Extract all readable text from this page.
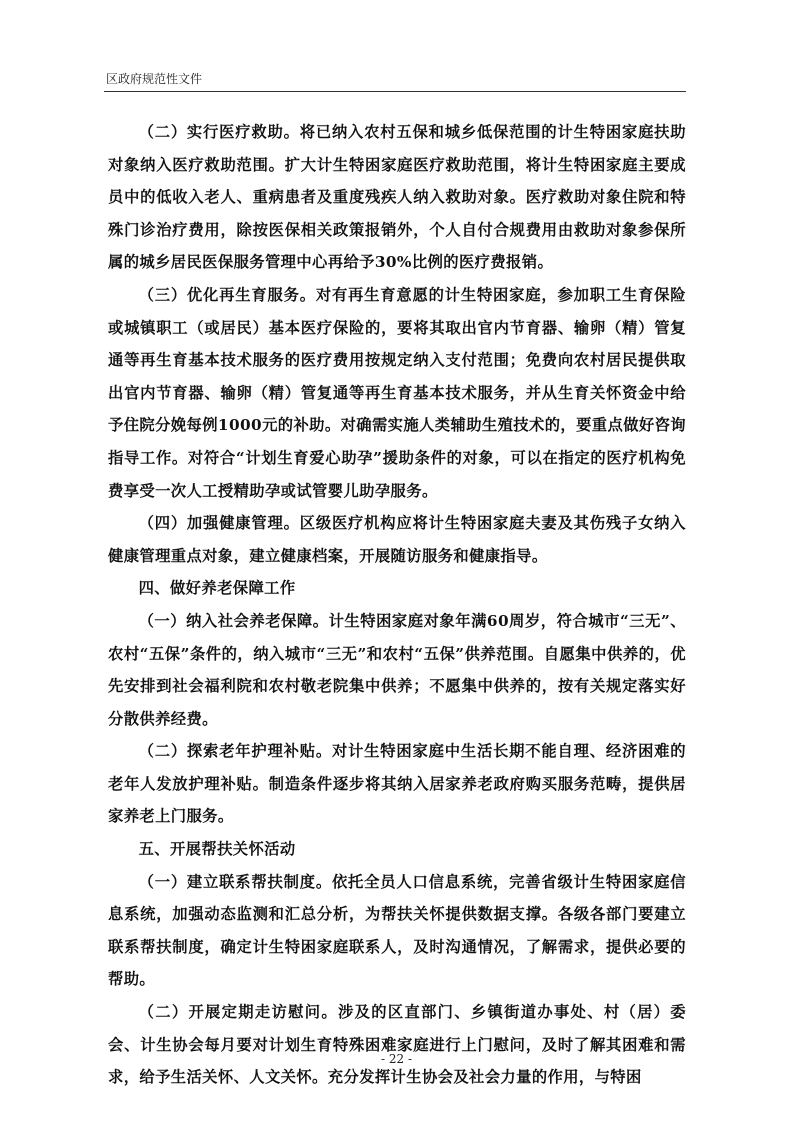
区政府规范性文件

（二）实行医疗救助。将已纳入农村五保和城乡低保范围的计生特困家庭扶助对象纳入医疗救助范围。扩大计生特困家庭医疗救助范围，将计生特困家庭主要成员中的低收入老人、重病患者及重度残疾人纳入救助对象。医疗救助对象住院和特殊门诊治疗费用，除按医保相关政策报销外，个人自付合规费用由救助对象参保所属的城乡居民医保服务管理中心再给予30%比例的医疗费报销。

（三）优化再生育服务。对有再生育意愿的计生特困家庭，参加职工生育保险或城镇职工（或居民）基本医疗保险的，要将其取出官内节育器、输卵（精）管复通等再生育基本技术服务的医疗费用按规定纳入支付范围；免费向农村居民提供取出官内节育器、输卵（精）管复通等再生育基本技术服务，并从生育关怀资金中给予住院分娩每例1000元的补助。对确需实施人类辅助生殖技术的，要重点做好咨询指导工作。对符合“计划生育爱心助孕”援助条件的对象，可以在指定的医疗机构免费享受一次人工授精助孕或试管婴儿助孕服务。

（四）加强健康管理。区级医疗机构应将计生特困家庭夫妻及其伤残子女纳入健康管理重点对象，建立健康档案，开展随访服务和健康指导。

四、做好养老保障工作

（一）纳入社会养老保障。计生特困家庭对象年满60周岁，符合城市“三无”、农村“五保”条件的，纳入城市“三无”和农村“五保”供养范围。自愿集中供养的，优先安排到社会福利院和农村敬老院集中供养；不愿集中供养的，按有关规定落实好分散供养经费。

（二）探索老年护理补贴。对计生特困家庭中生活长期不能自理、经济困难的老年人发放护理补贴。制造条件逐步将其纳入居家养老政府购买服务范畴，提供居家养老上门服务。

五、开展帮扶关怀活动

（一）建立联系帮扶制度。依托全员人口信息系统，完善省级计生特困家庭信息系统，加强动态监测和汇总分析，为帮扶关怀提供数据支撑。各级各部门要建立联系帮扶制度，确定计生特困家庭联系人，及时沟通情况，了解需求，提供必要的帮助。

（二）开展定期走访慰问。涉及的区直部门、乡镇街道办事处、村（居）委会、计生协会每月要对计划生育特殊困难家庭进行上门慰问，及时了解其困难和需求，给予生活关怀、人文关怀。充分发挥计生协会及社会力量的作用，与特困

- 22 -
